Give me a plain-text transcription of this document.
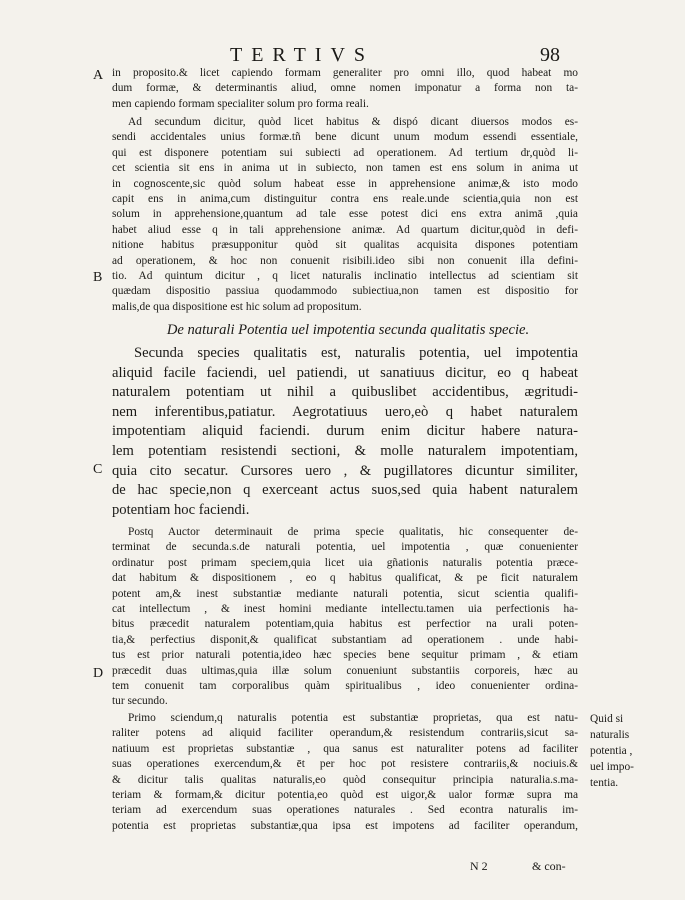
TERTIVS	98
A
B
C
D
in proposito.& licet capiendo formam generaliter pro omni illo, quod habeat mo
dum formæ, & determinantis aliud, omne nomen imponatur a forma non ta-
men capiendo formam specialiter solum pro forma reali.
Ad secundum dicitur, quòd licet habitus & dispó dicant diuersos modos es-
sendi accidentales unius formæ.tñ bene dicunt unum modum essendi essentiale,
qui est disponere potentiam sui subiecti ad operationem. Ad tertium dr,quòd li-
cet scientia sit ens in anima ut in subiecto, non tamen est ens solum in anima ut
in cognoscente,sic quòd solum habeat esse in apprehensione animæ,& isto modo
capit ens in anima,cum distinguitur contra ens reale.unde scientia,quia non est
solum in apprehensione,quantum ad tale esse potest dici ens extra animā ,quia
habet aliud esse q in tali apprehensione animæ. Ad quartum dicitur,quòd in defi-
nitione habitus præsupponitur quòd sit qualitas acquisita dispones potentiam
ad operationem, & hoc non conuenit risibili.ideo sibi non conuenit illa defini-
tio. Ad quintum dicitur , q licet naturalis inclinatio intellectus ad scientiam sit
quædam dispositio passiua quodammodo subiectiua,non tamen est dispositio for
malis,de qua dispositione est hic solum ad propositum.
De naturali Potentia uel impotentia secunda qualitatis specie.
Secunda species qualitatis est, naturalis potentia, uel impotentia
aliquid facile faciendi, uel patiendi, ut sanatiuus dicitur, eo q habeat
naturalem potentiam ut nihil a quibuslibet accidentibus, ægritudi-
nem inferentibus,patiatur. Aegrotatiuus uero,eò q habet naturalem
impotentiam aliquid faciendi. durum enim dicitur habere natura-
lem potentiam resistendi sectioni, & molle naturalem impotentiam,
quia cito secatur. Cursores uero , & pugillatores dicuntur similiter,
de hac specie,non q exerceant actus suos,sed quia habent naturalem
potentiam hoc faciendi.
Postq Auctor determinauit de prima specie qualitatis, hic consequenter de-
terminat de secunda.s.de naturali potentia, uel impotentia , quæ conuenienter
ordinatur post primam speciem,quia licet uia gñationis naturalis potentia præce-
dat habitum & dispositionem , eo q habitus qualificat, & pe ficit naturalem
potent am,& inest substantiæ mediante naturali potentia, sicut scientia qualifi-
cat intellectum , & inest homini mediante intellectu.tamen uia perfectionis ha-
bitus præcedit naturalem potentiam,quia habitus est perfectior na urali poten-
tia,& perfectius disponit,& qualificat substantiam ad operationem . unde habi-
tus est prior naturali potentia,ideo hæc species bene sequitur primam , & etiam
præcedit duas ultimas,quia illæ solum conueniunt substantiis corporeis, hæc au
tem conuenit tam corporalibus quàm spiritualibus , ideo conuenienter ordina-
tur secundo.
Primo sciendum,q naturalis potentia est substantiæ proprietas, qua est natu-
raliter potens ad aliquid faciliter operandum,& resistendum contrariis,sicut sa-
natiuum est proprietas substantiæ , qua sanus est naturaliter potens ad faciliter
suas operationes exercendum,& ēt per hoc pot resistere contrariis,& nociuis.&
& dicitur talis qualitas naturalis,eo quòd consequitur principia naturalia.s.ma-
teriam & formam,& dicitur potentia,eo quòd est uigor,& ualor formæ supra ma
teriam ad exercendum suas operationes naturales . Sed econtra naturalis im-
potentia est proprietas substantiæ,qua ipsa est impotens ad faciliter operandum,
Quid si
naturalis
potentia ,
uel impo-
tentia.
N 2	& con-
